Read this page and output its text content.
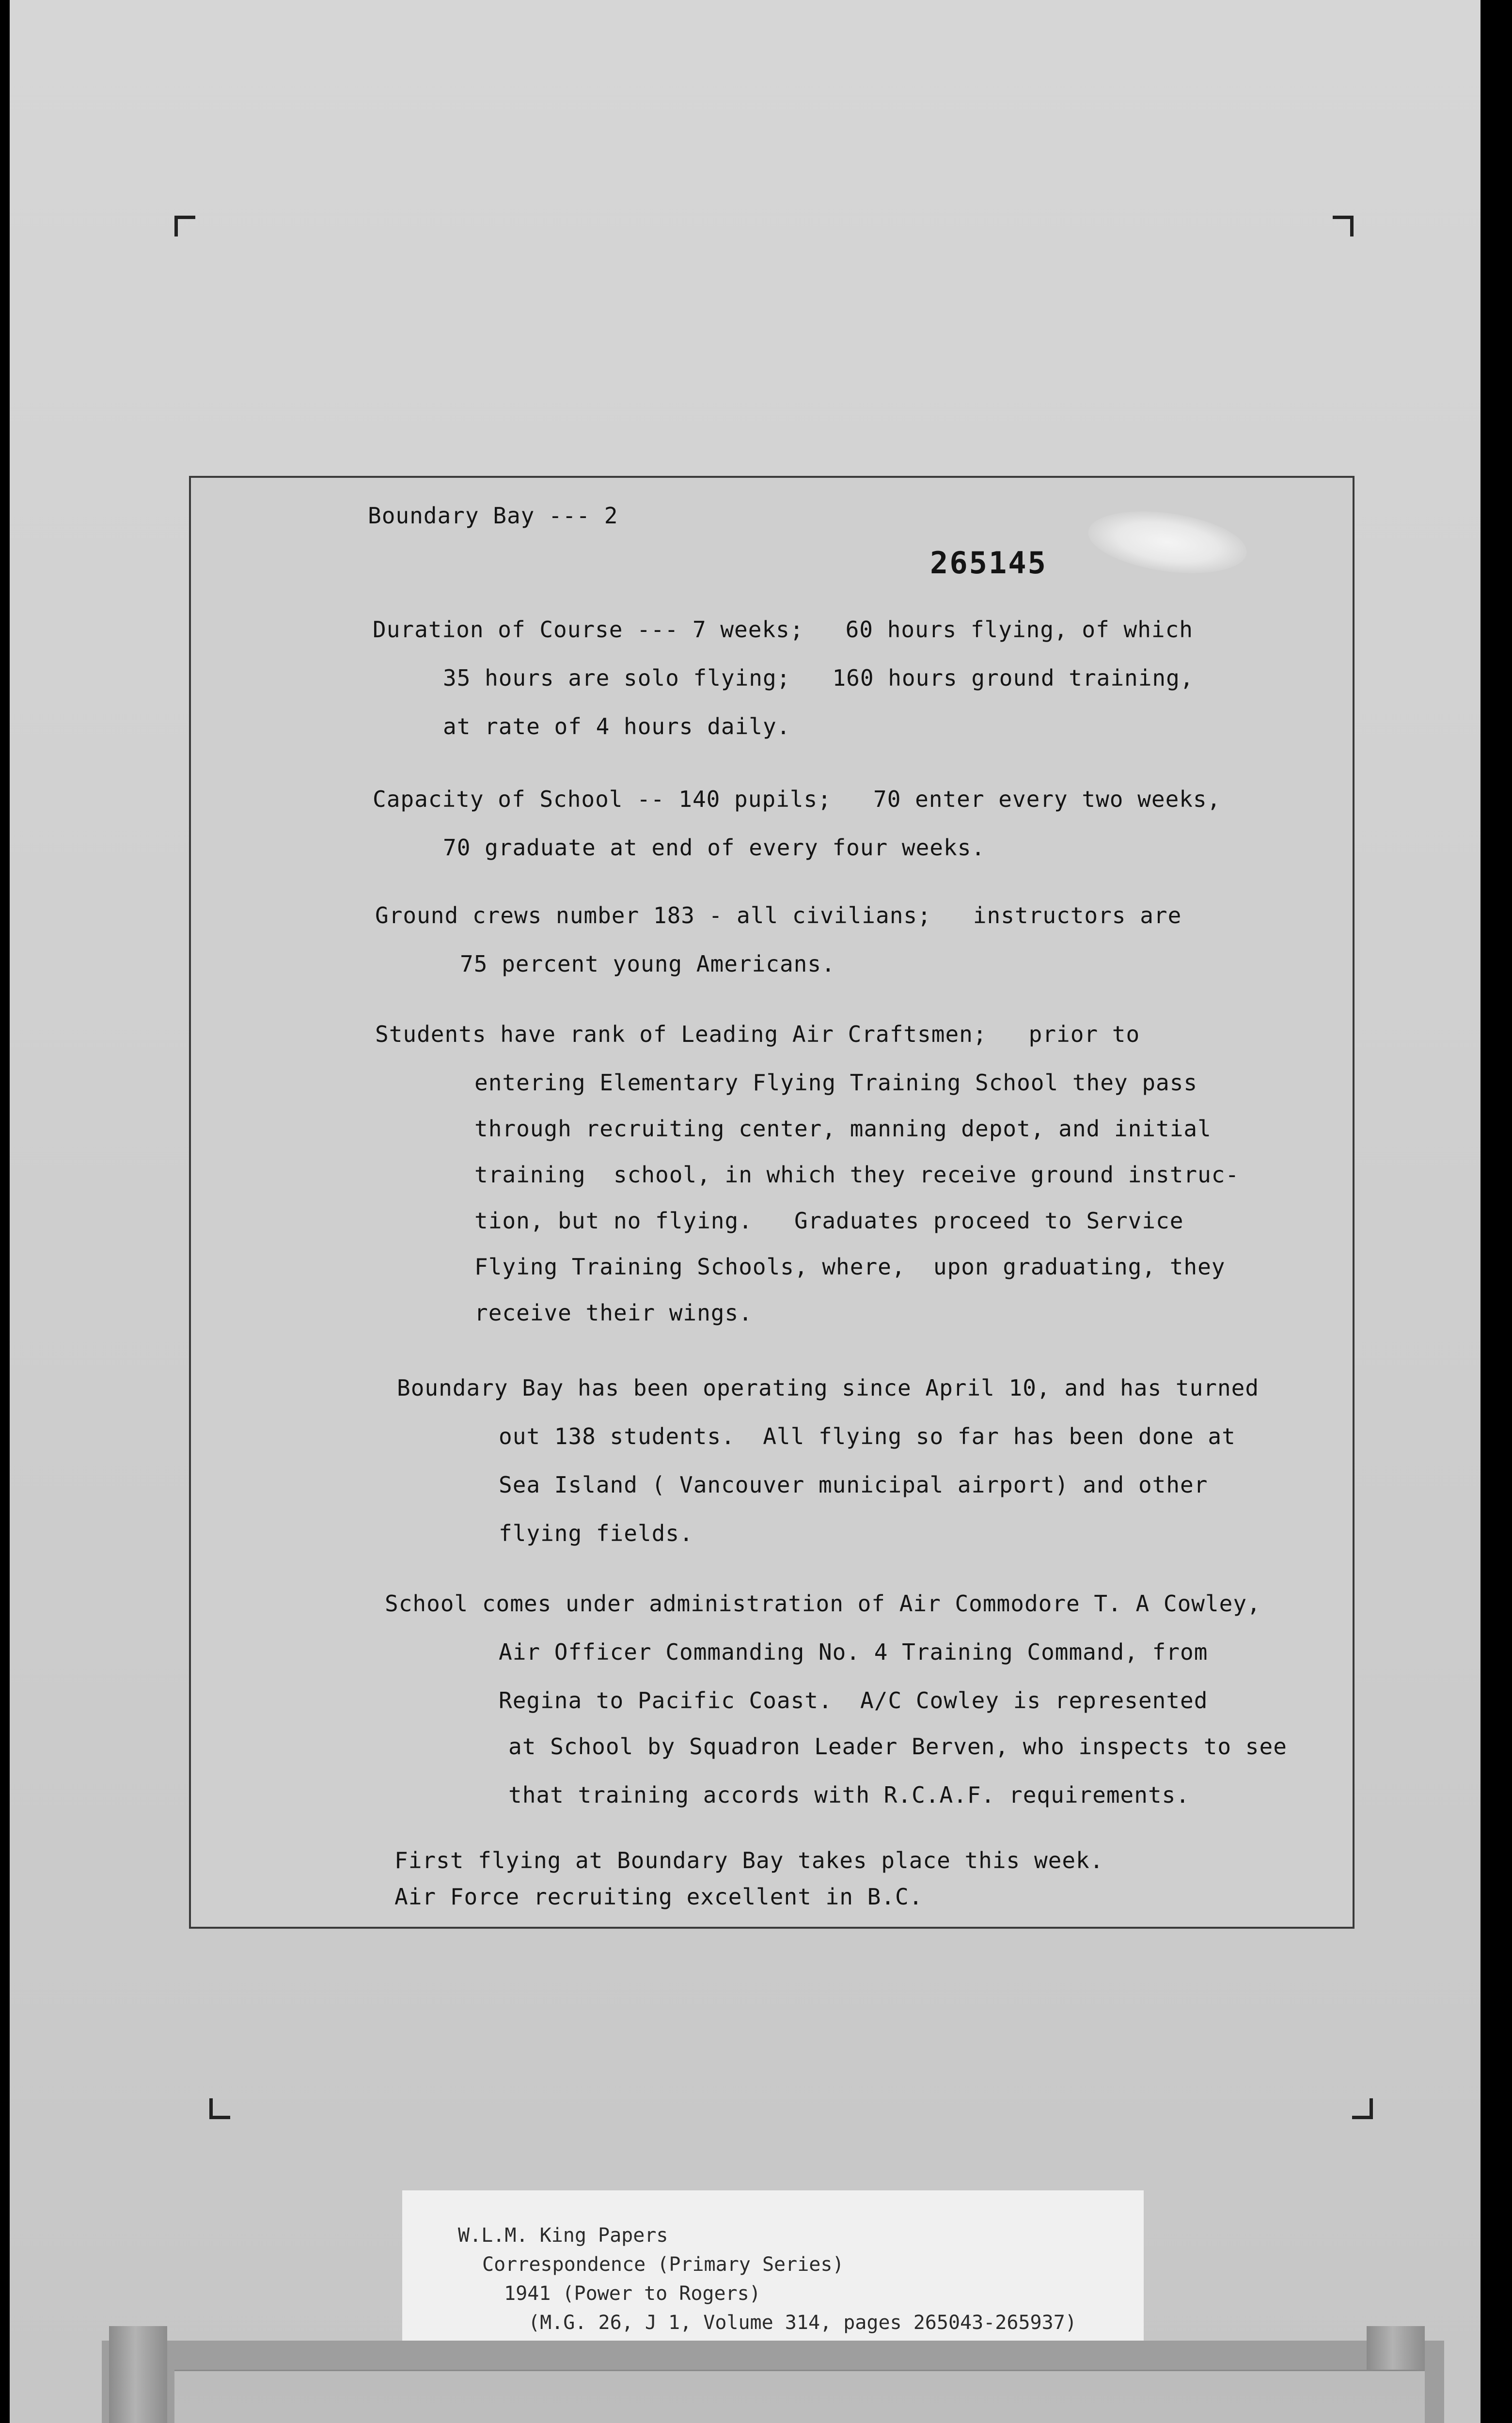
Boundary Bay --- 2
265145
Duration of Course --- 7 weeks;   60 hours flying, of which
35 hours are solo flying;   160 hours ground training,
at rate of 4 hours daily.
Capacity of School -- 140 pupils;   70 enter every two weeks,
70 graduate at end of every four weeks.
Ground crews number 183 - all civilians;   instructors are
75 percent young Americans.
Students have rank of Leading Air Craftsmen;   prior to
entering Elementary Flying Training School they pass
through recruiting center, manning depot, and initial
training  school, in which they receive ground instruc-
tion, but no flying.   Graduates proceed to Service
Flying Training Schools, where,  upon graduating, they
receive their wings.
Boundary Bay has been operating since April 10, and has turned
out 138 students.  All flying so far has been done at
Sea Island ( Vancouver municipal airport) and other
flying fields.
School comes under administration of Air Commodore T. A Cowley,
Air Officer Commanding No. 4 Training Command, from
Regina to Pacific Coast.  A/C Cowley is represented
at School by Squadron Leader Berven, who inspects to see
that training accords with R.C.A.F. requirements.
First flying at Boundary Bay takes place this week.
Air Force recruiting excellent in B.C.
W.L.M. King Papers
Correspondence (Primary Series)
1941 (Power to Rogers)
(M.G. 26, J 1, Volume 314, pages 265043-265937)
